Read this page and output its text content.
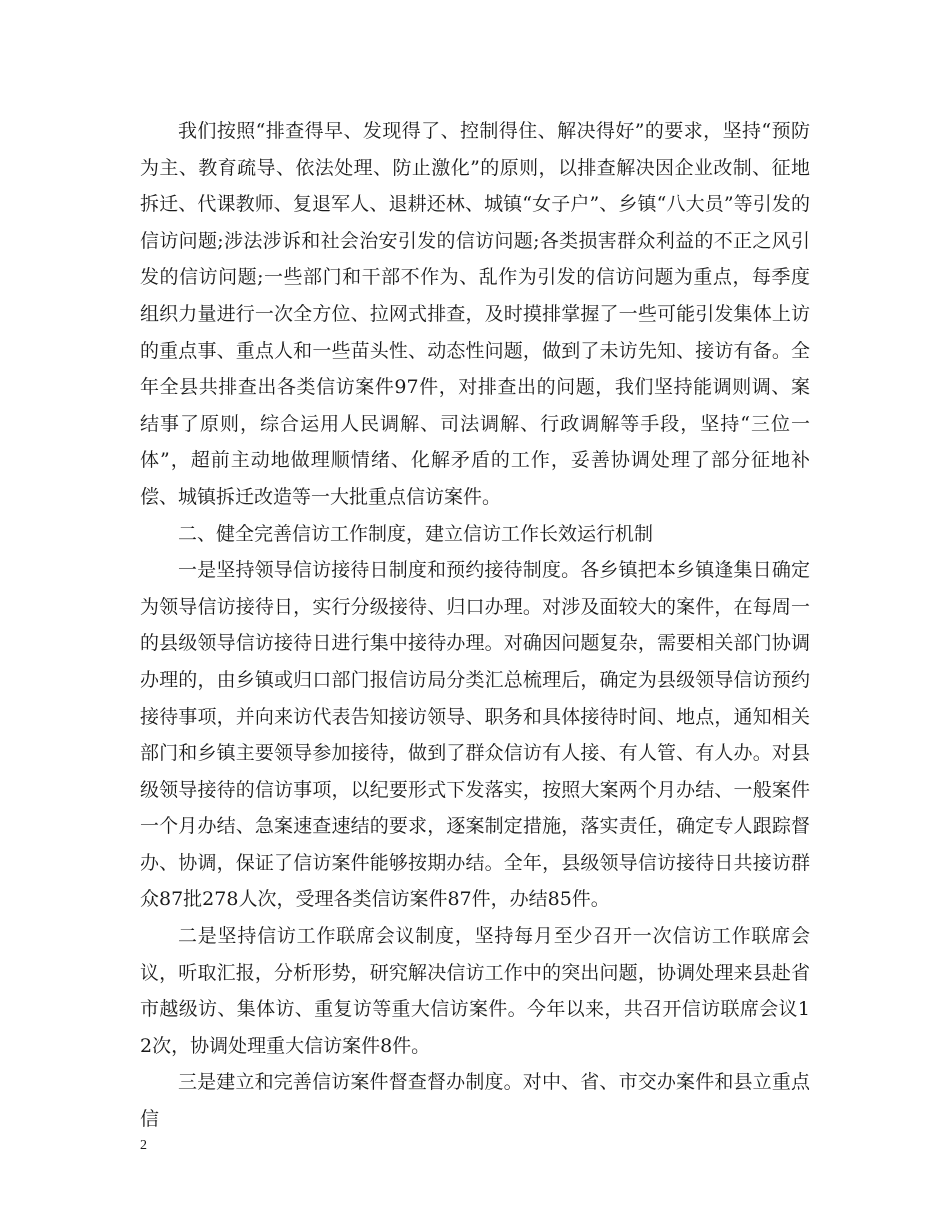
我们按照“排查得早、发现得了、控制得住、解决得好”的要求，坚持“预防为主、教育疏导、依法处理、防止激化”的原则，以排查解决因企业改制、征地拆迁、代课教师、复退军人、退耕还林、城镇“女子户”、乡镇“八大员”等引发的信访问题;涉法涉诉和社会治安引发的信访问题;各类损害群众利益的不正之风引发的信访问题;一些部门和干部不作为、乱作为引发的信访问题为重点，每季度组织力量进行一次全方位、拉网式排查，及时摸排掌握了一些可能引发集体上访的重点事、重点人和一些苗头性、动态性问题，做到了未访先知、接访有备。全年全县共排查出各类信访案件97件，对排查出的问题，我们坚持能调则调、案结事了原则，综合运用人民调解、司法调解、行政调解等手段，坚持“三位一体”，超前主动地做理顺情绪、化解矛盾的工作，妥善协调处理了部分征地补偿、城镇拆迁改造等一大批重点信访案件。

二、健全完善信访工作制度，建立信访工作长效运行机制

一是坚持领导信访接待日制度和预约接待制度。各乡镇把本乡镇逢集日确定为领导信访接待日，实行分级接待、归口办理。对涉及面较大的案件，在每周一的县级领导信访接待日进行集中接待办理。对确因问题复杂，需要相关部门协调办理的，由乡镇或归口部门报信访局分类汇总梳理后，确定为县级领导信访预约接待事项，并向来访代表告知接访领导、职务和具体接待时间、地点，通知相关部门和乡镇主要领导参加接待，做到了群众信访有人接、有人管、有人办。对县级领导接待的信访事项，以纪要形式下发落实，按照大案两个月办结、一般案件一个月办结、急案速查速结的要求，逐案制定措施，落实责任，确定专人跟踪督办、协调，保证了信访案件能够按期办结。全年，县级领导信访接待日共接访群众87批278人次，受理各类信访案件87件，办结85件。

二是坚持信访工作联席会议制度，坚持每月至少召开一次信访工作联席会议，听取汇报，分析形势，研究解决信访工作中的突出问题，协调处理来县赴省市越级访、集体访、重复访等重大信访案件。今年以来，共召开信访联席会议12次，协调处理重大信访案件8件。

三是建立和完善信访案件督查督办制度。对中、省、市交办案件和县立重点信

2
